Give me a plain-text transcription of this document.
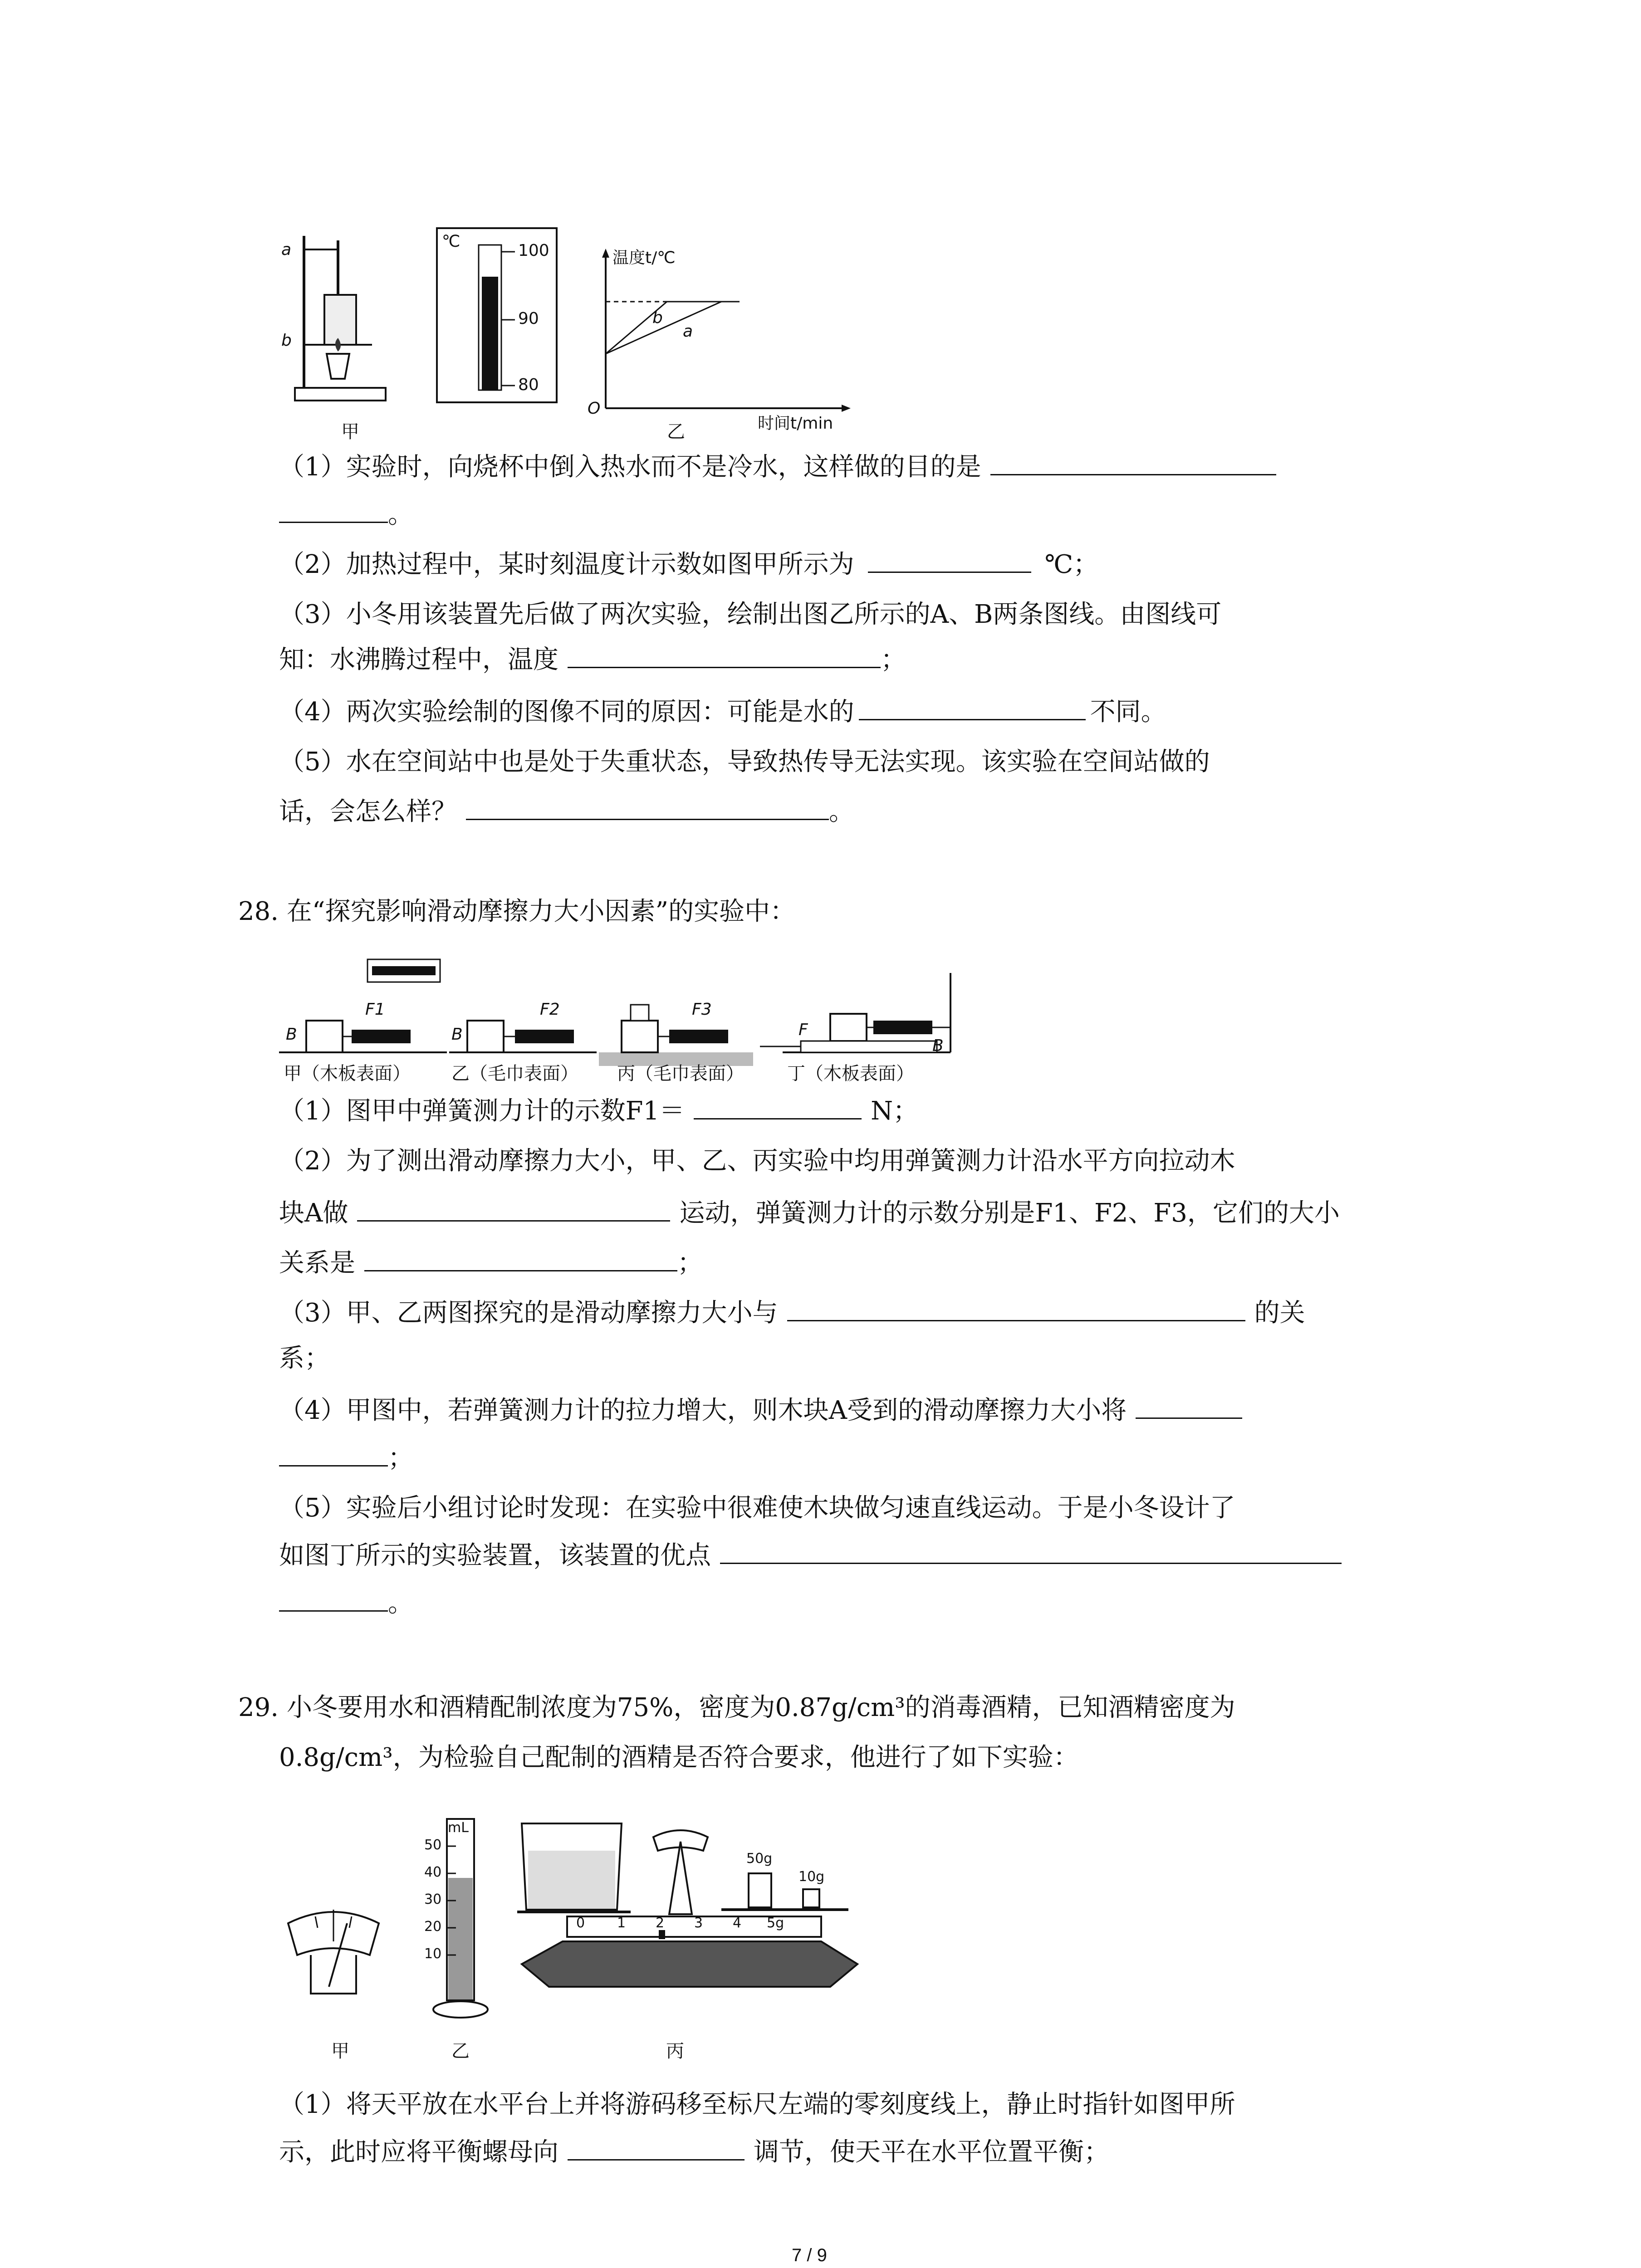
a
b
甲
℃	100
90
80
温度t/℃
时间t/min
O
b
a
乙
（1）实验时，向烧杯中倒入热水而不是冷水，这样做的目的是
。
（2）加热过程中，某时刻温度计示数如图甲所示为	℃；
（3）小冬用该装置先后做了两次实验，绘制出图乙所示的A、B两条图线。由图线可
知：水沸腾过程中，温度	；
（4）两次实验绘制的图像不同的原因：可能是水的	不同。
（5）水在空间站中也是处于失重状态，导致热传导无法实现。该实验在空间站做的
话，会怎么样？	。
28. 在“探究影响滑动摩擦力大小因素”的实验中：
F1	F2	F3
F
B	B
B
甲（木板表面） 乙（毛巾表面） 丙（毛巾表面） 丁（木板表面）
（1）图甲中弹簧测力计的示数F1＝	N；
（2）为了测出滑动摩擦力大小，甲、乙、丙实验中均用弹簧测力计沿水平方向拉动木
块A做	运动，弹簧测力计的示数分别是F1、F2、F3，它们的大小
关系是	；
（3）甲、乙两图探究的是滑动摩擦力大小与	的关
系；
（4）甲图中，若弹簧测力计的拉力增大，则木块A受到的滑动摩擦力大小将
；
（5）实验后小组讨论时发现：在实验中很难使木块做匀速直线运动。于是小冬设计了
如图丁所示的实验装置，该装置的优点
。
29. 小冬要用水和酒精配制浓度为75%，密度为0.87g/cm³的消毒酒精，已知酒精密度为
0.8g/cm³，为检验自己配制的酒精是否符合要求，他进行了如下实验：
甲
mL
50
40
30
20
10
乙
0 1 2 3 4 5g
50g
10g
丙
（1）将天平放在水平台上并将游码移至标尺左端的零刻度线上，静止时指针如图甲所
示，此时应将平衡螺母向	调节，使天平在水平位置平衡；
7 / 9
